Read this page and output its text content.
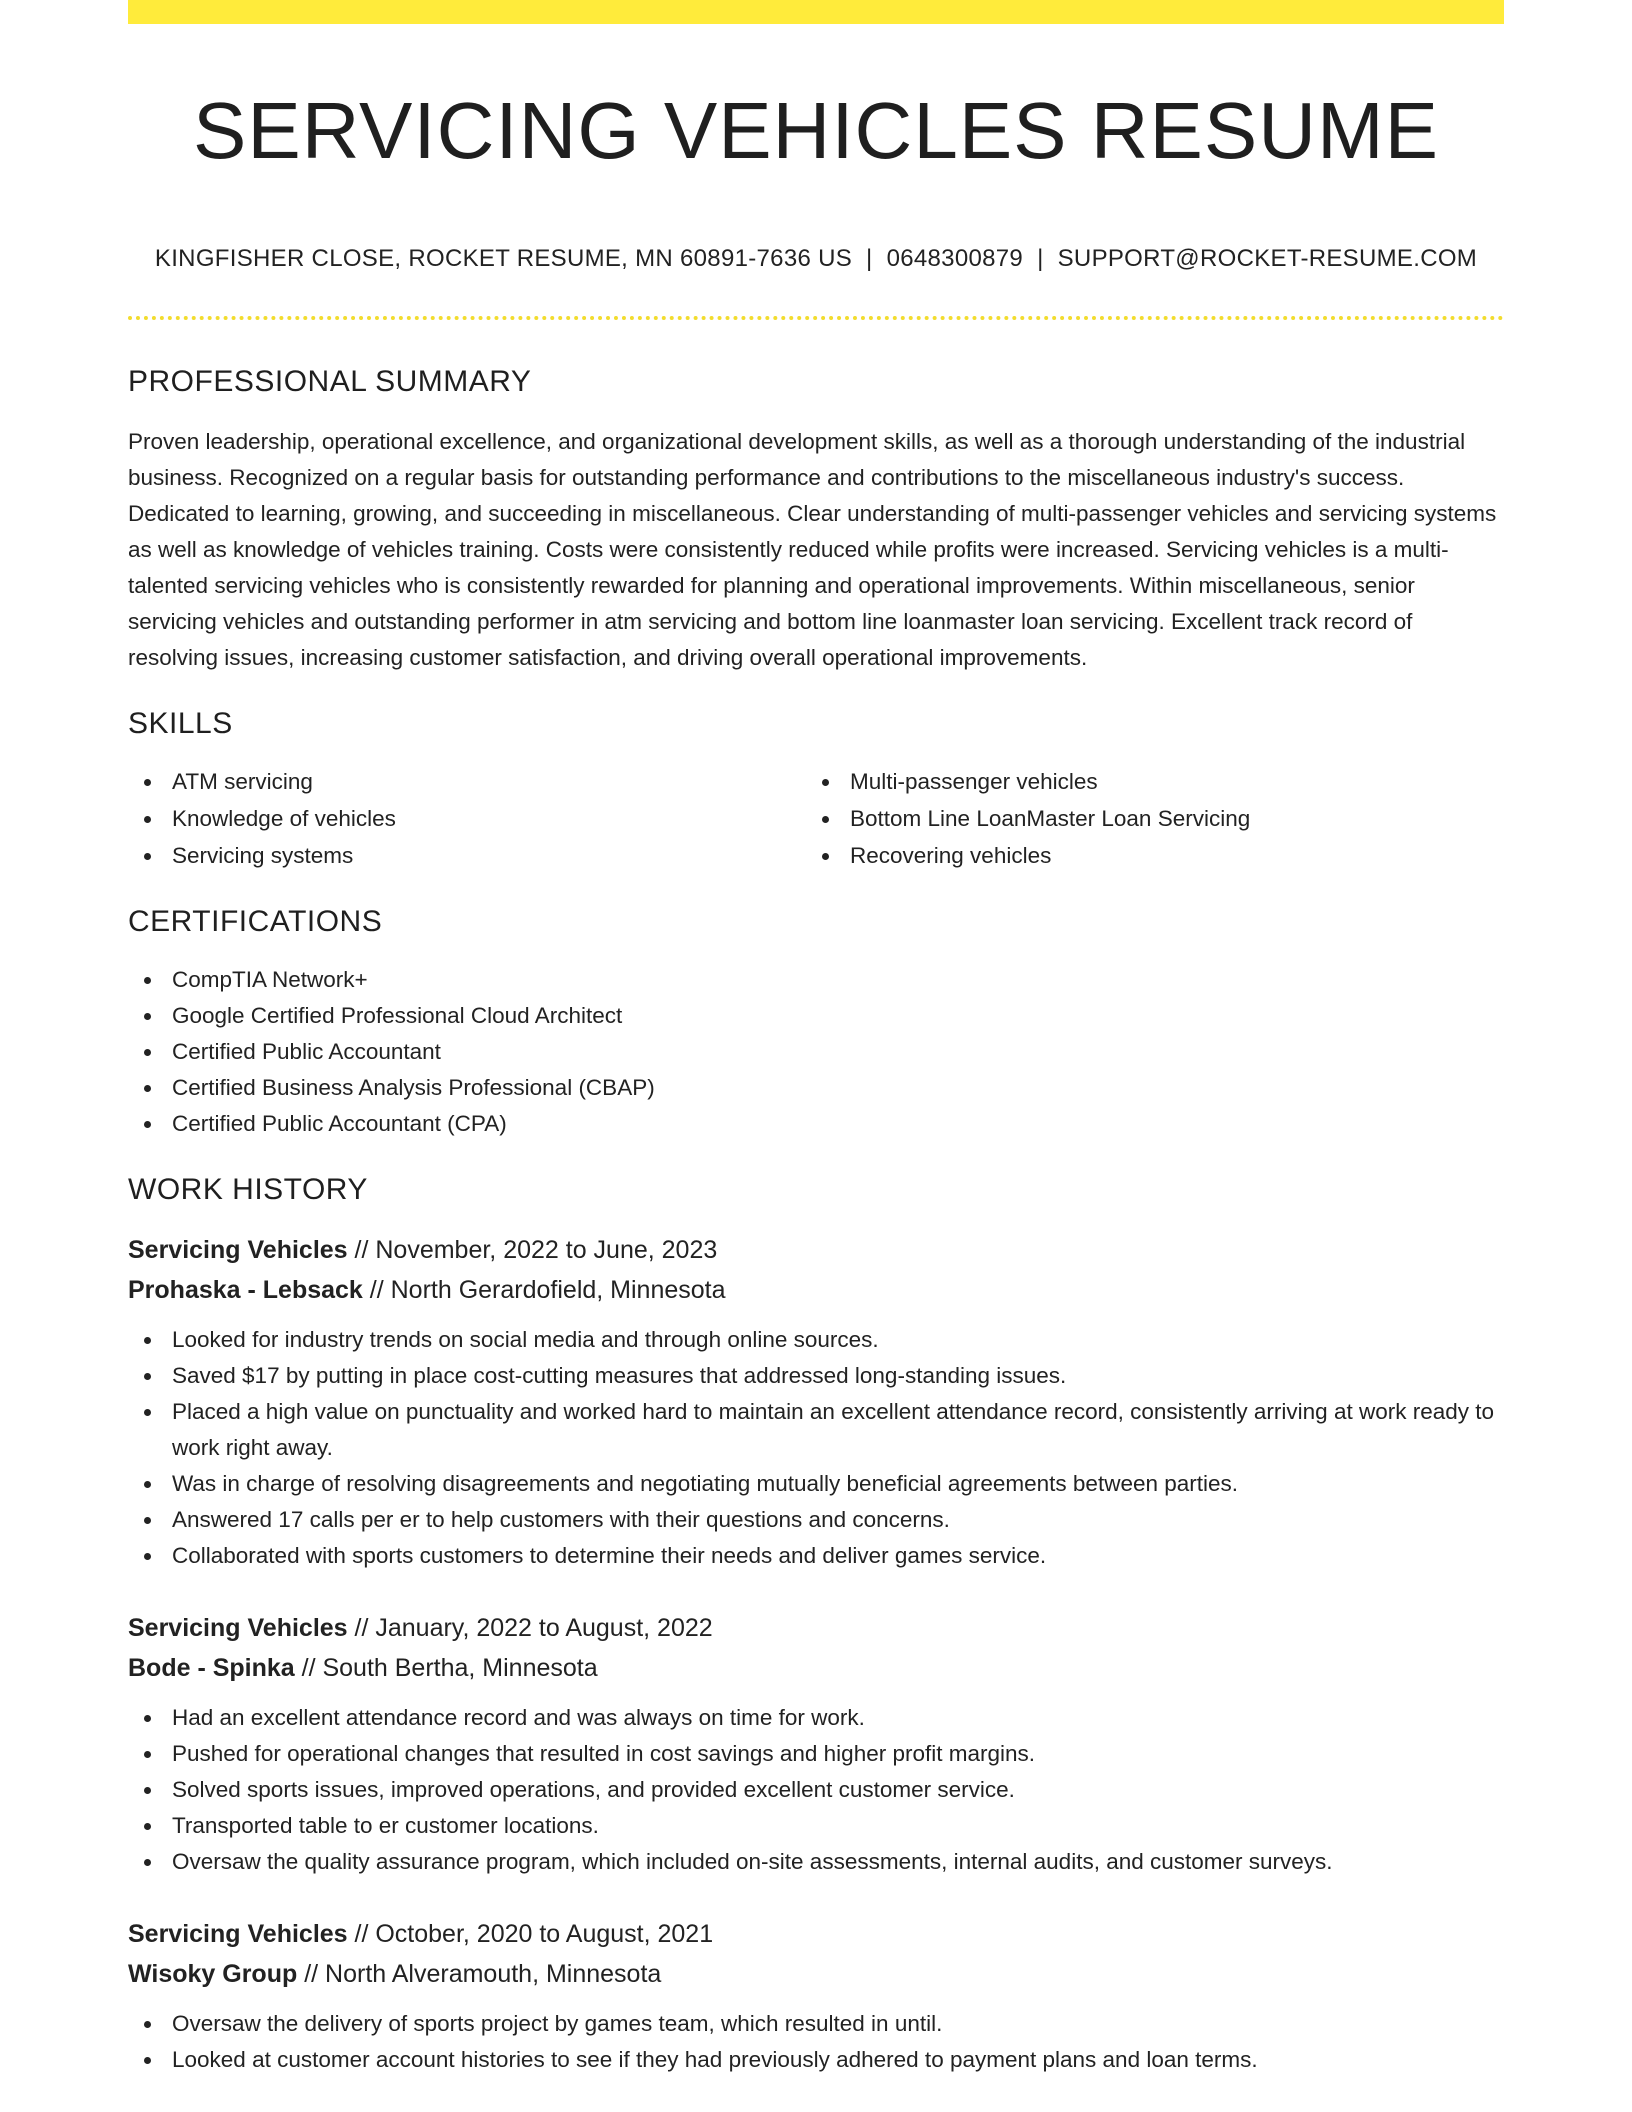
SERVICING VEHICLES RESUME
KINGFISHER CLOSE, ROCKET RESUME, MN 60891-7636 US | 0648300879 | SUPPORT@ROCKET-RESUME.COM
PROFESSIONAL SUMMARY

Proven leadership, operational excellence, and organizational development skills, as well as a thorough understanding of the industrial business. Recognized on a regular basis for outstanding performance and contributions to the miscellaneous industry's success. Dedicated to learning, growing, and succeeding in miscellaneous. Clear understanding of multi-passenger vehicles and servicing systems as well as knowledge of vehicles training. Costs were consistently reduced while profits were increased. Servicing vehicles is a multi-talented servicing vehicles who is consistently rewarded for planning and operational improvements. Within miscellaneous, senior servicing vehicles and outstanding performer in atm servicing and bottom line loanmaster loan servicing. Excellent track record of resolving issues, increasing customer satisfaction, and driving overall operational improvements.

SKILLS
ATM servicing
Knowledge of vehicles
Servicing systems
Multi-passenger vehicles
Bottom Line LoanMaster Loan Servicing
Recovering vehicles
CERTIFICATIONS
CompTIA Network+
Google Certified Professional Cloud Architect
Certified Public Accountant
Certified Business Analysis Professional (CBAP)
Certified Public Accountant (CPA)
WORK HISTORY
Servicing Vehicles // November, 2022 to June, 2023
Prohaska - Lebsack // North Gerardofield, Minnesota
Looked for industry trends on social media and through online sources.
Saved $17 by putting in place cost-cutting measures that addressed long-standing issues.
Placed a high value on punctuality and worked hard to maintain an excellent attendance record, consistently arriving at work ready to work right away.
Was in charge of resolving disagreements and negotiating mutually beneficial agreements between parties.
Answered 17 calls per er to help customers with their questions and concerns.
Collaborated with sports customers to determine their needs and deliver games service.
Servicing Vehicles // January, 2022 to August, 2022
Bode - Spinka // South Bertha, Minnesota
Had an excellent attendance record and was always on time for work.
Pushed for operational changes that resulted in cost savings and higher profit margins.
Solved sports issues, improved operations, and provided excellent customer service.
Transported table to er customer locations.
Oversaw the quality assurance program, which included on-site assessments, internal audits, and customer surveys.
Servicing Vehicles // October, 2020 to August, 2021
Wisoky Group // North Alveramouth, Minnesota
Oversaw the delivery of sports project by games team, which resulted in until.
Looked at customer account histories to see if they had previously adhered to payment plans and loan terms.
